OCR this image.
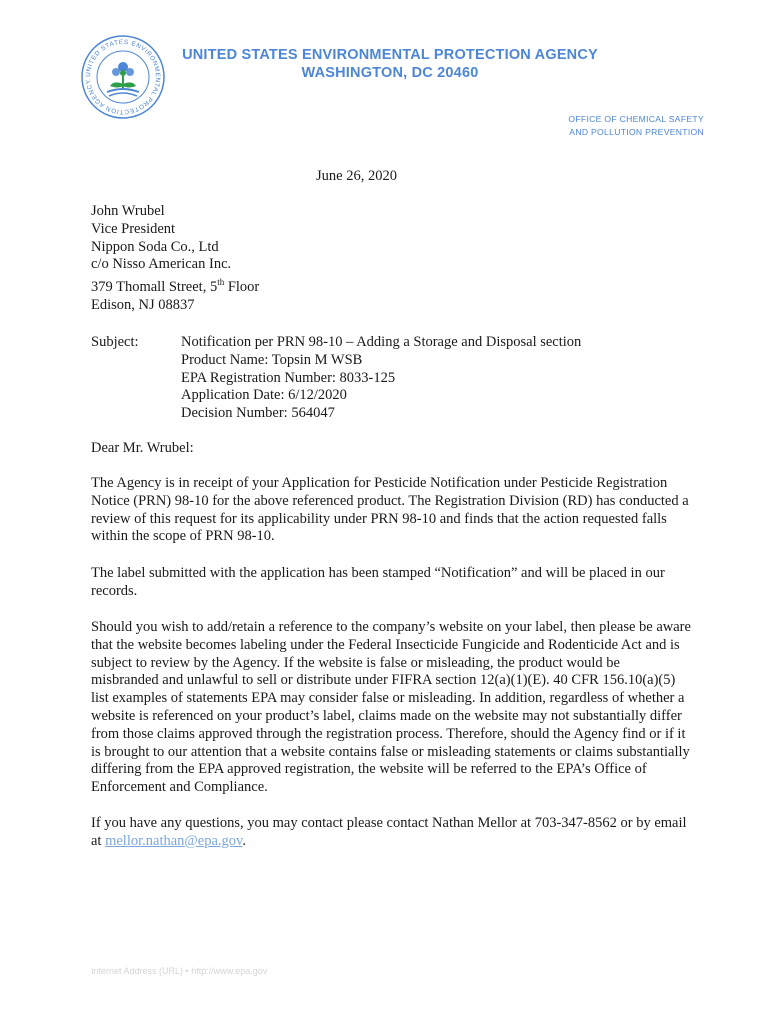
UNITED STATES ENVIRONMENTAL PROTECTION AGENCY
UNITED STATES ENVIRONMENTAL PROTECTION AGENCY
WASHINGTON, DC 20460
OFFICE OF CHEMICAL SAFETY
AND POLLUTION PREVENTION
June 26, 2020
John Wrubel
Vice President
Nippon Soda Co., Ltd
c/o Nisso American Inc.
379 Thomall Street, 5th Floor
Edison, NJ 08837
Subject:	Notification per PRN 98-10 – Adding a Storage and Disposal section
Product Name: Topsin M WSB
EPA Registration Number: 8033-125
Application Date: 6/12/2020
Decision Number: 564047
Dear Mr. Wrubel:
The Agency is in receipt of your Application for Pesticide Notification under Pesticide Registration Notice (PRN) 98-10 for the above referenced product. The Registration Division (RD) has conducted a review of this request for its applicability under PRN 98-10 and finds that the action requested falls within the scope of PRN 98-10.
The label submitted with the application has been stamped “Notification” and will be placed in our records.
Should you wish to add/retain a reference to the company’s website on your label, then please be aware that the website becomes labeling under the Federal Insecticide Fungicide and Rodenticide Act and is subject to review by the Agency. If the website is false or misleading, the product would be misbranded and unlawful to sell or distribute under FIFRA section 12(a)(1)(E). 40 CFR 156.10(a)(5) list examples of statements EPA may consider false or misleading. In addition, regardless of whether a website is referenced on your product’s label, claims made on the website may not substantially differ from those claims approved through the registration process. Therefore, should the Agency find or if it is brought to our attention that a website contains false or misleading statements or claims substantially differing from the EPA approved registration, the website will be referred to the EPA’s Office of Enforcement and Compliance.
If you have any questions, you may contact please contact Nathan Mellor at 703-347-8562 or by email at mellor.nathan@epa.gov.
Internet Address (URL) • http://www.epa.gov
